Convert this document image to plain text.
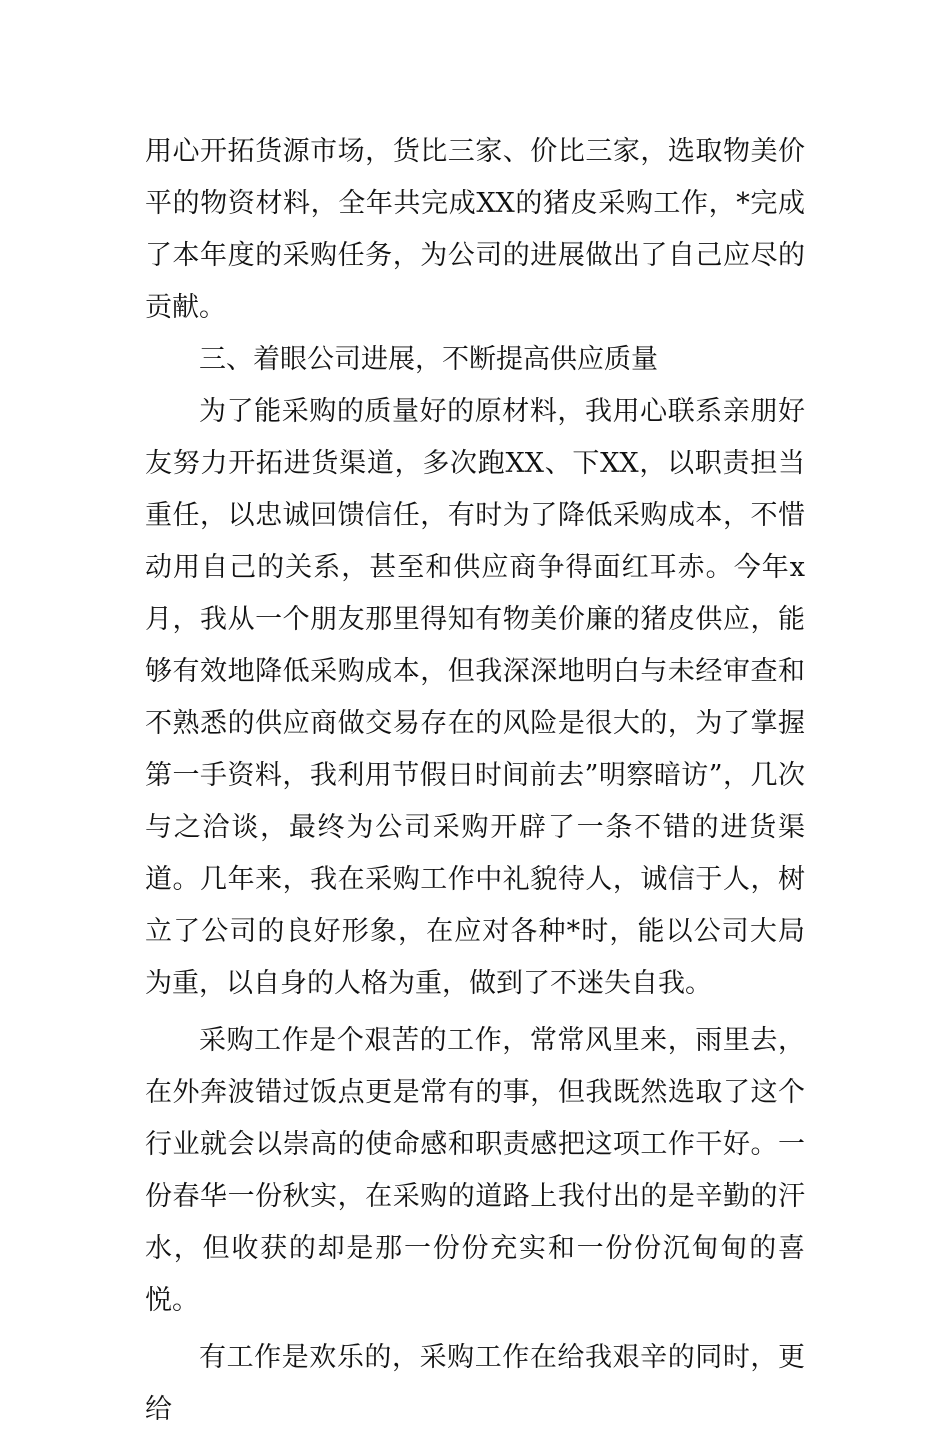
用心开拓货源市场，货比三家、价比三家，选取物美价平的物资材料，全年共完成XX的猪皮采购工作，*完成了本年度的采购任务，为公司的进展做出了自己应尽的贡献。

三、着眼公司进展，不断提高供应质量

为了能采购的质量好的原材料，我用心联系亲朋好友努力开拓进货渠道，多次跑XX、下XX，以职责担当重任，以忠诚回馈信任，有时为了降低采购成本，不惜动用自己的关系，甚至和供应商争得面红耳赤。今年x月，我从一个朋友那里得知有物美价廉的猪皮供应，能够有效地降低采购成本，但我深深地明白与未经审查和不熟悉的供应商做交易存在的风险是很大的，为了掌握第一手资料，我利用节假日时间前去”明察暗访”，几次与之洽谈，最终为公司采购开辟了一条不错的进货渠道。几年来，我在采购工作中礼貌待人，诚信于人，树立了公司的良好形象，在应对各种*时，能以公司大局为重，以自身的人格为重，做到了不迷失自我。

采购工作是个艰苦的工作，常常风里来，雨里去，在外奔波错过饭点更是常有的事，但我既然选取了这个行业就会以崇高的使命感和职责感把这项工作干好。一份春华一份秋实，在采购的道路上我付出的是辛勤的汗水，但收获的却是那一份份充实和一份份沉甸甸的喜悦。

有工作是欢乐的，采购工作在给我艰辛的同时，更给
